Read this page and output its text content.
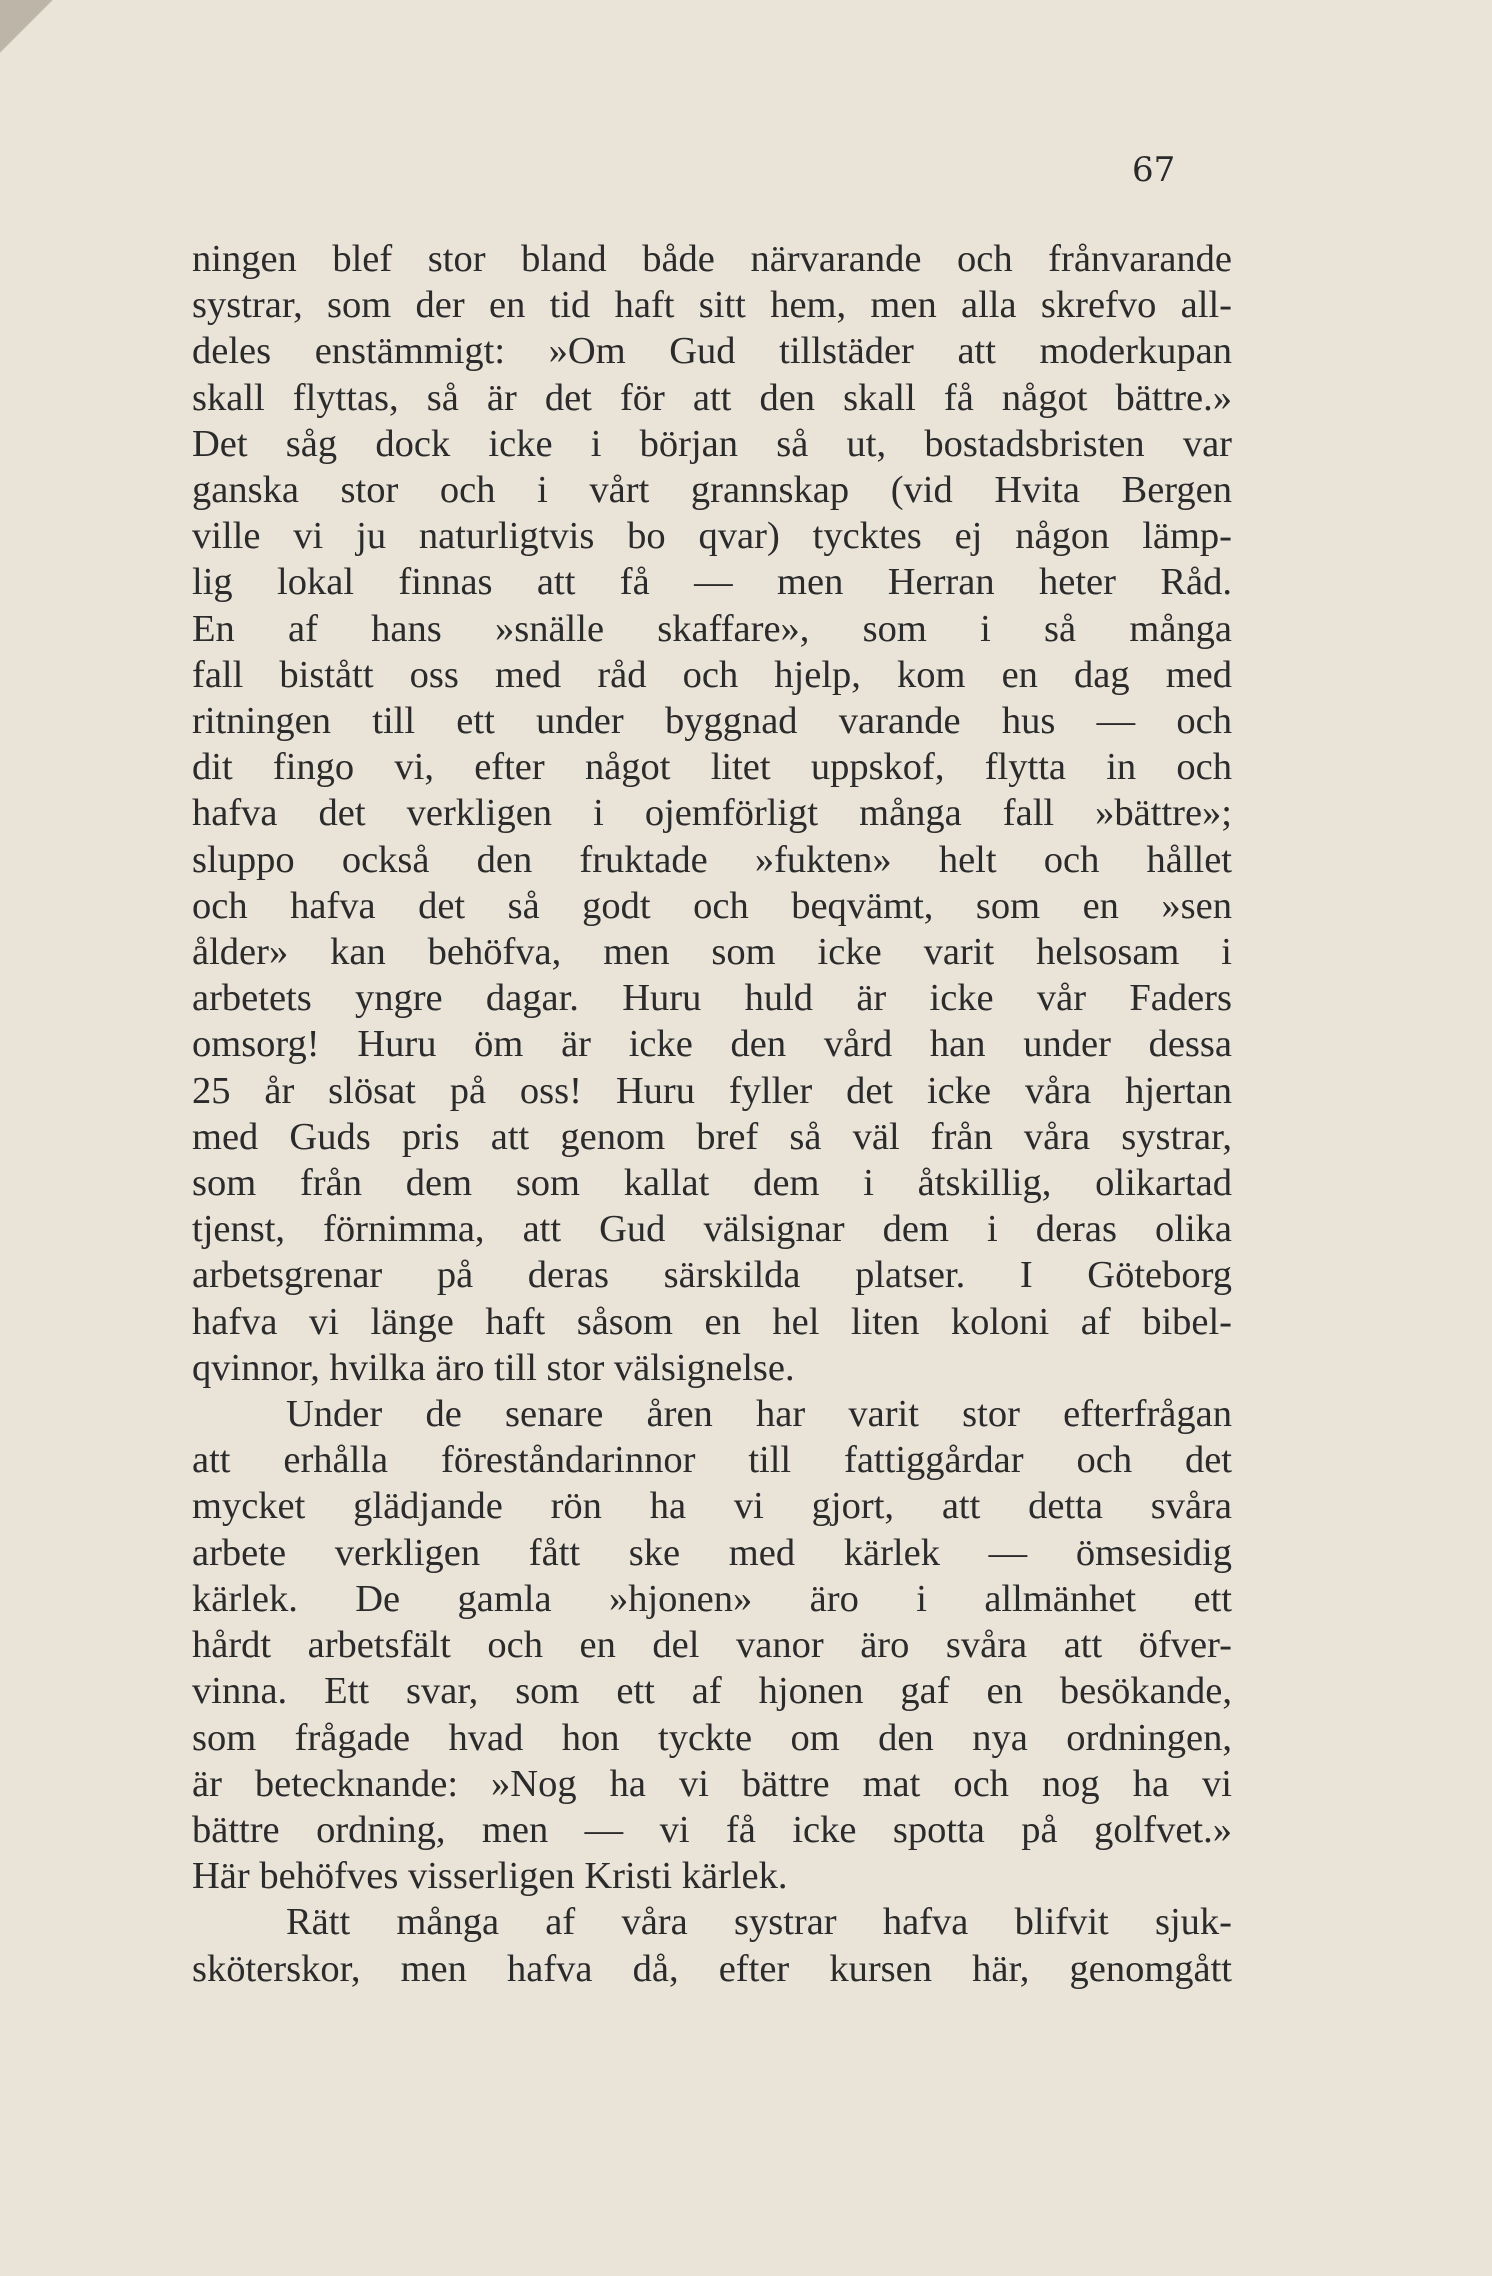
67
ningen blef stor bland både närvarande och frånvarande
systrar, som der en tid haft sitt hem, men alla skrefvo all-
deles enstämmigt: »Om Gud tillstäder att moderkupan
skall flyttas, så är det för att den skall få något bättre.»
Det såg dock icke i början så ut, bostadsbristen var
ganska stor och i vårt grannskap (vid Hvita Bergen
ville vi ju naturligtvis bo qvar) tycktes ej någon lämp-
lig lokal finnas att få — men Herran heter Råd.
En af hans »snälle skaffare», som i så många
fall bistått oss med råd och hjelp, kom en dag med
ritningen till ett under byggnad varande hus — och
dit fingo vi, efter något litet uppskof, flytta in och
hafva det verkligen i ojemförligt många fall »bättre»;
sluppo också den fruktade »fukten» helt och hållet
och hafva det så godt och beqvämt, som en »sen
ålder» kan behöfva, men som icke varit helsosam i
arbetets yngre dagar. Huru huld är icke vår Faders
omsorg! Huru öm är icke den vård han under dessa
25 år slösat på oss! Huru fyller det icke våra hjertan
med Guds pris att genom bref så väl från våra systrar,
som från dem som kallat dem i åtskillig, olikartad
tjenst, förnimma, att Gud välsignar dem i deras olika
arbetsgrenar på deras särskilda platser. I Göteborg
hafva vi länge haft såsom en hel liten koloni af bibel-
qvinnor, hvilka äro till stor välsignelse.
Under de senare åren har varit stor efterfrågan
att erhålla föreståndarinnor till fattiggårdar och det
mycket glädjande rön ha vi gjort, att detta svåra
arbete verkligen fått ske med kärlek — ömsesidig
kärlek. De gamla »hjonen» äro i allmänhet ett
hårdt arbetsfält och en del vanor äro svåra att öfver-
vinna. Ett svar, som ett af hjonen gaf en besökande,
som frågade hvad hon tyckte om den nya ordningen,
är betecknande: »Nog ha vi bättre mat och nog ha vi
bättre ordning, men — vi få icke spotta på golfvet.»
Här behöfves visserligen Kristi kärlek.
Rätt många af våra systrar hafva blifvit sjuk-
sköterskor, men hafva då, efter kursen här, genomgått
